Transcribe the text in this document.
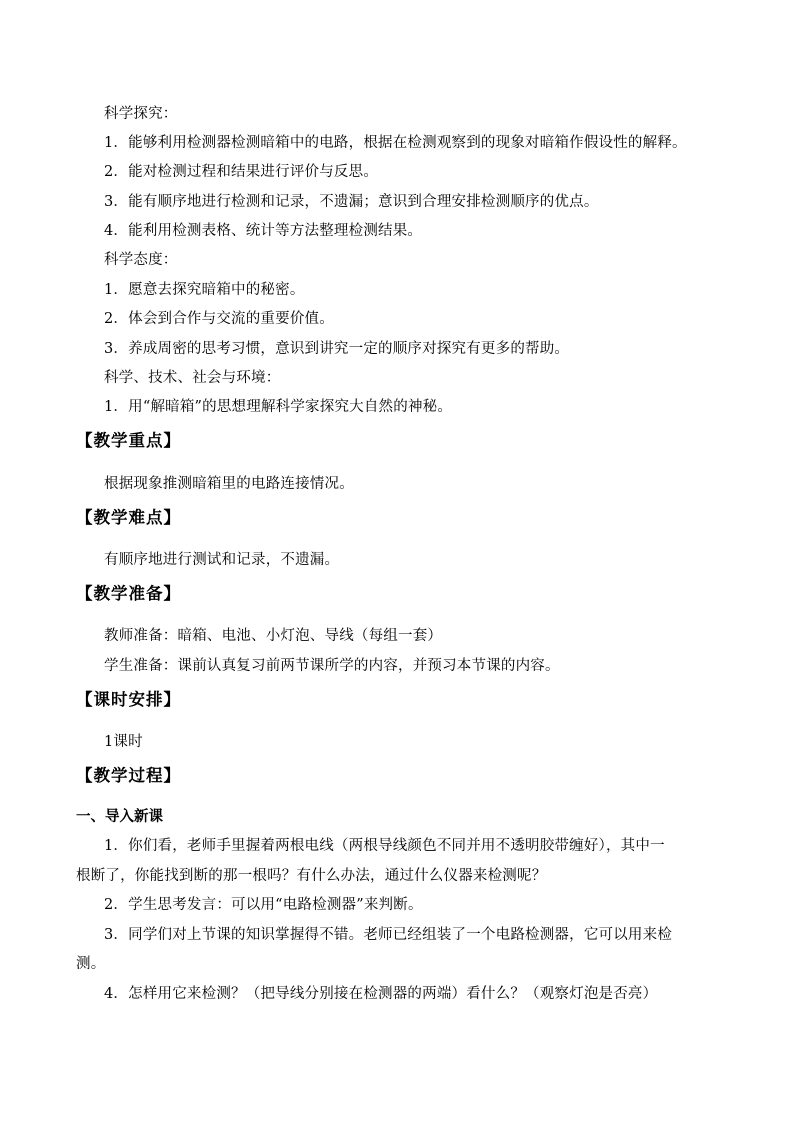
科学探究：
1．能够利用检测器检测暗箱中的电路，根据在检测观察到的现象对暗箱作假设性的解释。
2．能对检测过程和结果进行评价与反思。
3．能有顺序地进行检测和记录，不遗漏；意识到合理安排检测顺序的优点。
4．能利用检测表格、统计等方法整理检测结果。
科学态度：
1．愿意去探究暗箱中的秘密。
2．体会到合作与交流的重要价值。
3．养成周密的思考习惯，意识到讲究一定的顺序对探究有更多的帮助。
科学、技术、社会与环境：
1．用“解暗箱”的思想理解科学家探究大自然的神秘。
【教学重点】
根据现象推测暗箱里的电路连接情况。
【教学难点】
有顺序地进行测试和记录，不遗漏。
【教学准备】
教师准备：暗箱、电池、小灯泡、导线（每组一套）
学生准备：课前认真复习前两节课所学的内容，并预习本节课的内容。
【课时安排】
1课时
【教学过程】
一、导入新课
1．你们看，老师手里握着两根电线（两根导线颜色不同并用不透明胶带缠好），其中一
根断了，你能找到断的那一根吗？有什么办法，通过什么仪器来检测呢？
2．学生思考发言：可以用“电路检测器”来判断。
3．同学们对上节课的知识掌握得不错。老师已经组装了一个电路检测器，它可以用来检
测。
4．怎样用它来检测？（把导线分别接在检测器的两端）看什么？（观察灯泡是否亮）
